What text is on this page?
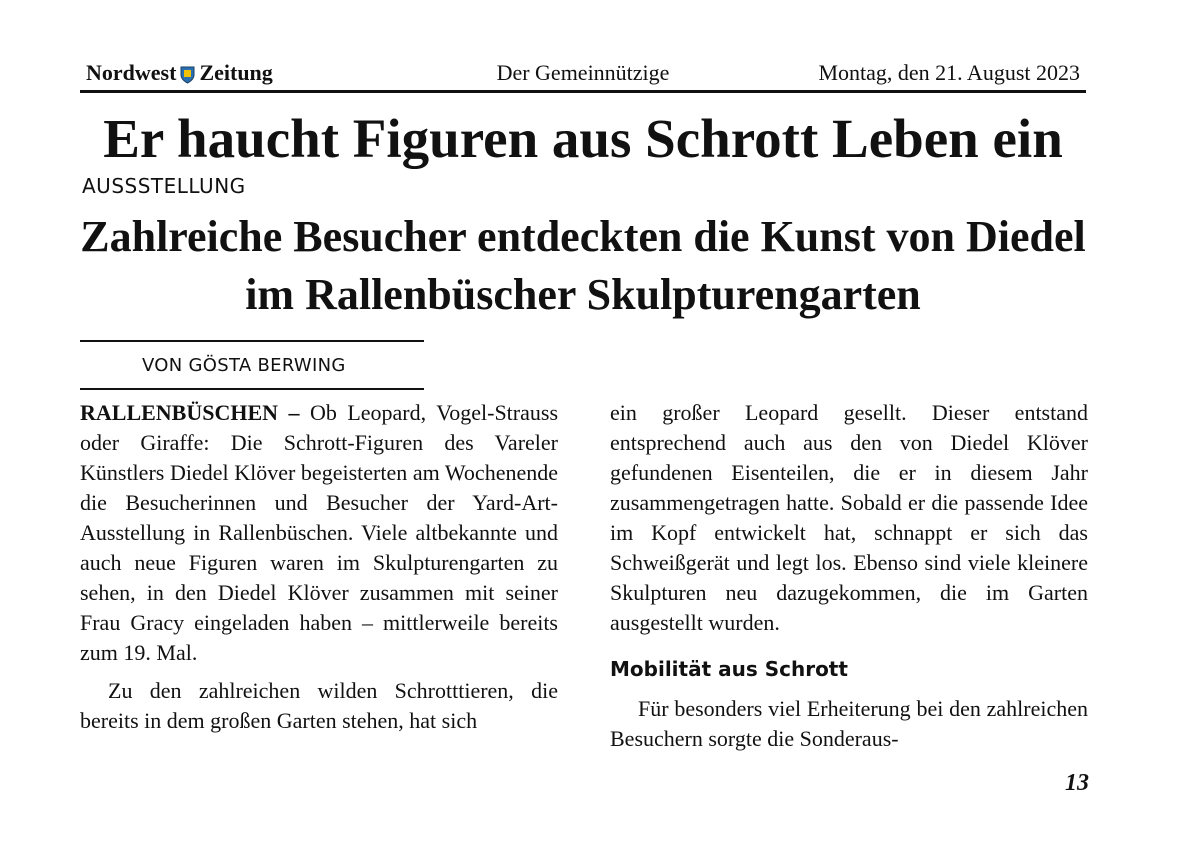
Nordwest Zeitung	Der Gemeinnützige	Montag, den 21. August 2023
Er haucht Figuren aus Schrott Leben ein
AUSSSTELLUNG
Zahlreiche Besucher entdeckten die Kunst von Diedel im Rallenbüscher Skulpturengarten
VON GÖSTA BERWING

RALLENBÜSCHEN – Ob Leopard, Vogel-Strauss oder Giraffe: Die Schrott-Figuren des Vareler Künstlers Diedel Klöver begeisterten am Wochenende die Besucherinnen und Besucher der Yard-Art-Ausstellung in Rallenbüschen. Viele altbekannte und auch neue Figuren waren im Skulpturengarten zu sehen, in den Diedel Klöver zusammen mit seiner Frau Gracy eingeladen haben – mittlerweile bereits zum 19. Mal.

Zu den zahlreichen wilden Schrotttieren, die bereits in dem großen Garten stehen, hat sich

ein großer Leopard gesellt. Dieser entstand entsprechend auch aus den von Diedel Klöver gefundenen Eisenteilen, die er in diesem Jahr zusammengetragen hatte. Sobald er die passende Idee im Kopf entwickelt hat, schnappt er sich das Schweißgerät und legt los. Ebenso sind viele kleinere Skulpturen neu dazugekommen, die im Garten ausgestellt wurden.

Mobilität aus Schrott

Für besonders viel Erheiterung bei den zahlreichen Besuchern sorgte die Sonderaus-

13
